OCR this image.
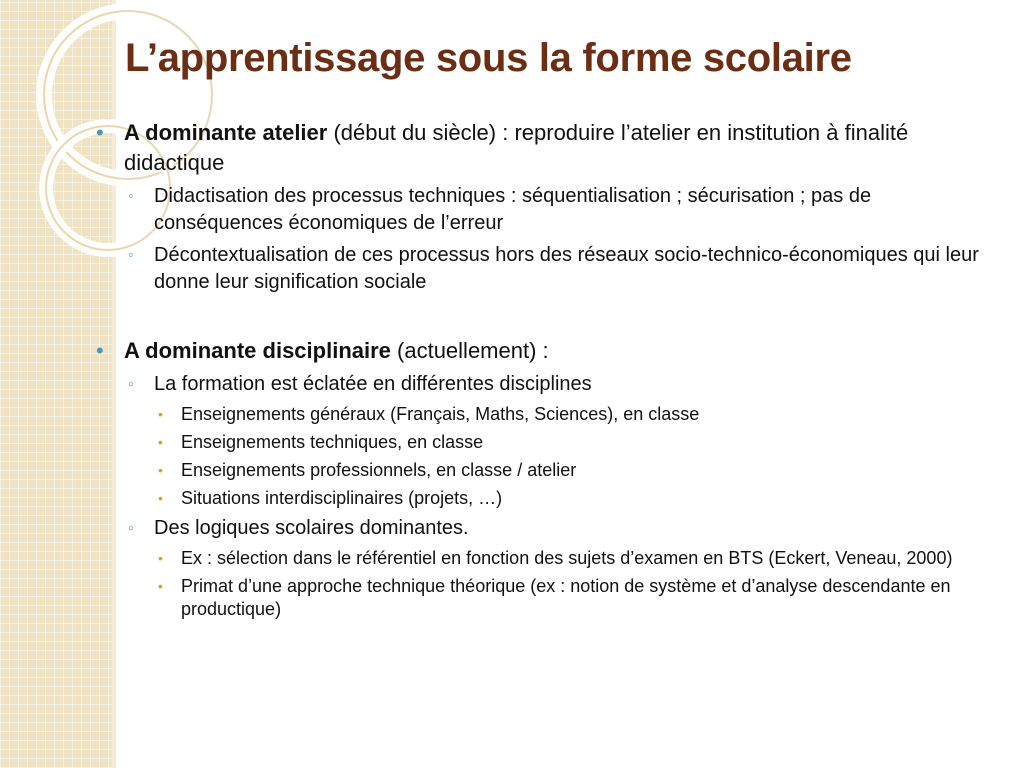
L’apprentissage sous la forme scolaire
• A dominante atelier (début du siècle) : reproduire l’atelier en institution à finalité didactique
◦ Didactisation des processus techniques : séquentialisation ; sécurisation ; pas de conséquences économiques de l’erreur
◦ Décontextualisation de ces processus hors des réseaux socio-technico-économiques qui leur donne leur signification sociale
• A dominante disciplinaire (actuellement) :
◦ La formation est éclatée en différentes disciplines
• Enseignements généraux (Français, Maths, Sciences), en classe
• Enseignements techniques, en classe
• Enseignements professionnels, en classe / atelier
• Situations interdisciplinaires (projets, …)
◦ Des logiques scolaires dominantes.
• Ex : sélection dans le référentiel en fonction des sujets d’examen en BTS (Eckert, Veneau, 2000)
• Primat d’une approche technique théorique (ex : notion de système et d’analyse descendante en productique)
